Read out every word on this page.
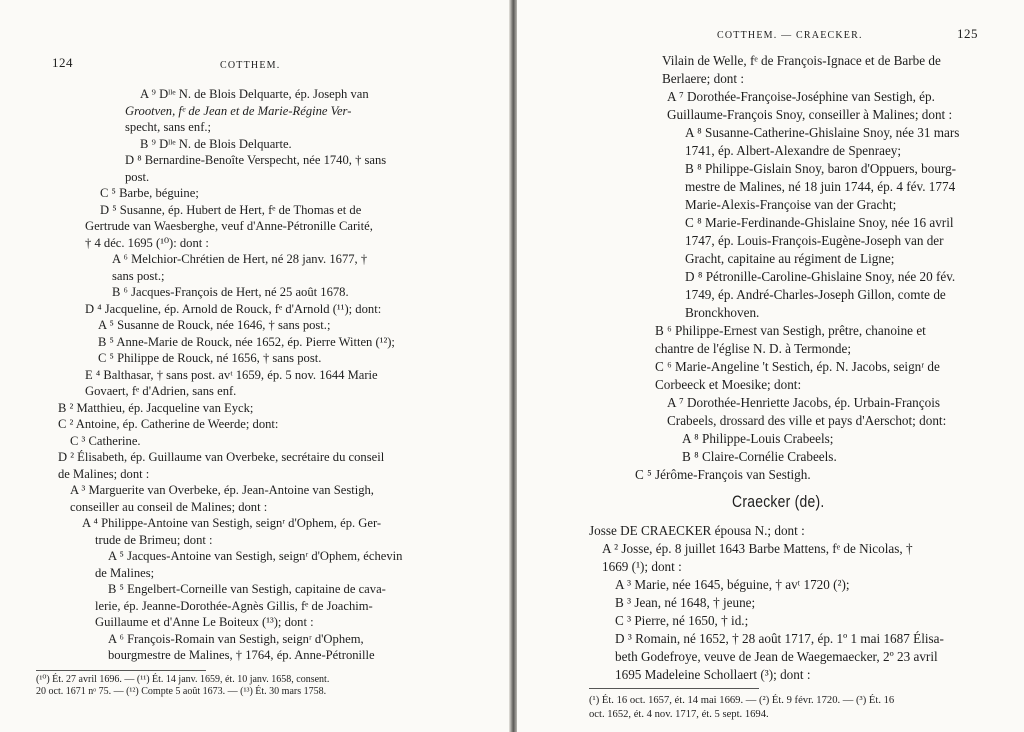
124	COTTHEM.
A ⁹ Dˡˡᵉ N. de Blois Delquarte, ép. Joseph van
Grootven, fᵉ de Jean et de Marie-Régine Ver-
specht, sans enf.;
B ⁹ Dˡˡᵉ N. de Blois Delquarte.
D ⁸ Bernardine-Benoîte Verspecht, née 1740, † sans
post.
C ⁵ Barbe, béguine;
D ⁵ Susanne, ép. Hubert de Hert, fᵉ de Thomas et de
Gertrude van Waesberghe, veuf d'Anne-Pétronille Carité,
† 4 déc. 1695 (¹⁰): dont :
A ⁶ Melchior-Chrétien de Hert, né 28 janv. 1677, †
sans post.;
B ⁶ Jacques-François de Hert, né 25 août 1678.
D ⁴ Jacqueline, ép. Arnold de Rouck, fᵉ d'Arnold (¹¹); dont:
A ⁵ Susanne de Rouck, née 1646, † sans post.;
B ⁵ Anne-Marie de Rouck, née 1652, ép. Pierre Witten (¹²);
C ⁵ Philippe de Rouck, né 1656, † sans post.
E ⁴ Balthasar, † sans post. avᵗ 1659, ép. 5 nov. 1644 Marie
Govaert, fᵉ d'Adrien, sans enf.
B ² Matthieu, ép. Jacqueline van Eyck;
C ² Antoine, ép. Catherine de Weerde; dont:
C ³ Catherine.
D ² Élisabeth, ép. Guillaume van Overbeke, secrétaire du conseil
de Malines; dont :
A ³ Marguerite van Overbeke, ép. Jean-Antoine van Sestigh,
conseiller au conseil de Malines; dont :
A ⁴ Philippe-Antoine van Sestigh, seignʳ d'Ophem, ép. Ger-
trude de Brimeu; dont :
A ⁵ Jacques-Antoine van Sestigh, seignʳ d'Ophem, échevin
de Malines;
B ⁵ Engelbert-Corneille van Sestigh, capitaine de cava-
lerie, ép. Jeanne-Dorothée-Agnès Gillis, fᵉ de Joachim-
Guillaume et d'Anne Le Boiteux (¹³); dont :
A ⁶ François-Romain van Sestigh, seignʳ d'Ophem,
bourgmestre de Malines, † 1764, ép. Anne-Pétronille
(¹⁰) Ét. 27 avril 1696. — (¹¹) Ét. 14 janv. 1659, ét. 10 janv. 1658, consent.
20 oct. 1671 nᵒ 75. — (¹²) Compte 5 août 1673. — (¹³) Ét. 30 mars 1758.
COTTHEM. — CRAECKER.	125
Vilain de Welle, fᵉ de François-Ignace et de Barbe de
Berlaere; dont :
A ⁷ Dorothée-Françoise-Joséphine van Sestigh, ép.
Guillaume-François Snoy, conseiller à Malines; dont :
A ⁸ Susanne-Catherine-Ghislaine Snoy, née 31 mars
1741, ép. Albert-Alexandre de Spenraey;
B ⁸ Philippe-Gislain Snoy, baron d'Oppuers, bourg-
mestre de Malines, né 18 juin 1744, ép. 4 fév. 1774
Marie-Alexis-Françoise van der Gracht;
C ⁸ Marie-Ferdinande-Ghislaine Snoy, née 16 avril
1747, ép. Louis-François-Eugène-Joseph van der
Gracht, capitaine au régiment de Ligne;
D ⁸ Pétronille-Caroline-Ghislaine Snoy, née 20 fév.
1749, ép. André-Charles-Joseph Gillon, comte de
Bronckhoven.
B ⁶ Philippe-Ernest van Sestigh, prêtre, chanoine et
chantre de l'église N. D. à Termonde;
C ⁶ Marie-Angeline 't Sestich, ép. N. Jacobs, seignʳ de
Corbeeck et Moesike; dont:
A ⁷ Dorothée-Henriette Jacobs, ép. Urbain-François
Crabeels, drossard des ville et pays d'Aerschot; dont:
A ⁸ Philippe-Louis Crabeels;
B ⁸ Claire-Cornélie Crabeels.
C ⁵ Jérôme-François van Sestigh.
Craecker (de).
Josse DE CRAECKER épousa N.; dont :
A ² Josse, ép. 8 juillet 1643 Barbe Mattens, fᵉ de Nicolas, †
1669 (¹); dont :
A ³ Marie, née 1645, béguine, † avᵗ 1720 (²);
B ³ Jean, né 1648, † jeune;
C ³ Pierre, né 1650, † id.;
D ³ Romain, né 1652, † 28 août 1717, ép. 1º 1 mai 1687 Élisa-
beth Godefroye, veuve de Jean de Waegemaecker, 2º 23 avril
1695 Madeleine Schollaert (³); dont :
(¹) Ét. 16 oct. 1657, ét. 14 mai 1669. — (²) Ét. 9 févr. 1720. — (³) Ét. 16
oct. 1652, ét. 4 nov. 1717, ét. 5 sept. 1694.
